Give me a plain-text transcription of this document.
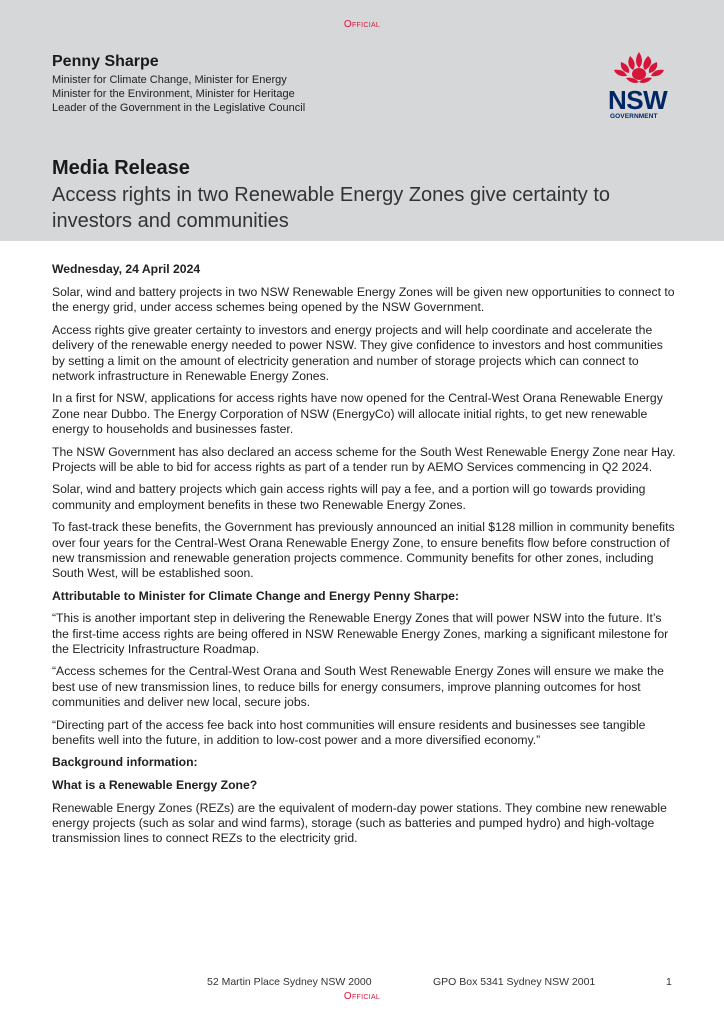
Official
Penny Sharpe
Minister for Climate Change, Minister for Energy
Minister for the Environment, Minister for Heritage
Leader of the Government in the Legislative Council	NSW
GOVERNMENT
Media Release
Access rights in two Renewable Energy Zones give certainty to investors and communities

Wednesday, 24 April 2024

Solar, wind and battery projects in two NSW Renewable Energy Zones will be given new opportunities to connect to the energy grid, under access schemes being opened by the NSW Government.

Access rights give greater certainty to investors and energy projects and will help coordinate and accelerate the delivery of the renewable energy needed to power NSW. They give confidence to investors and host communities by setting a limit on the amount of electricity generation and number of storage projects which can connect to network infrastructure in Renewable Energy Zones.

In a first for NSW, applications for access rights have now opened for the Central-West Orana Renewable Energy Zone near Dubbo. The Energy Corporation of NSW (EnergyCo) will allocate initial rights, to get new renewable energy to households and businesses faster.

The NSW Government has also declared an access scheme for the South West Renewable Energy Zone near Hay. Projects will be able to bid for access rights as part of a tender run by AEMO Services commencing in Q2 2024.

Solar, wind and battery projects which gain access rights will pay a fee, and a portion will go towards providing community and employment benefits in these two Renewable Energy Zones.

To fast-track these benefits, the Government has previously announced an initial $128 million in community benefits over four years for the Central-West Orana Renewable Energy Zone, to ensure benefits flow before construction of new transmission and renewable generation projects commence. Community benefits for other zones, including South West, will be established soon.

Attributable to Minister for Climate Change and Energy Penny Sharpe:

“This is another important step in delivering the Renewable Energy Zones that will power NSW into the future. It’s the first-time access rights are being offered in NSW Renewable Energy Zones, marking a significant milestone for the Electricity Infrastructure Roadmap.

“Access schemes for the Central-West Orana and South West Renewable Energy Zones will ensure we make the best use of new transmission lines, to reduce bills for energy consumers, improve planning outcomes for host communities and deliver new local, secure jobs.

“Directing part of the access fee back into host communities will ensure residents and businesses see tangible benefits well into the future, in addition to low-cost power and a more diversified economy.”

Background information:

What is a Renewable Energy Zone?

Renewable Energy Zones (REZs) are the equivalent of modern-day power stations. They combine new renewable energy projects (such as solar and wind farms), storage (such as batteries and pumped hydro) and high-voltage transmission lines to connect REZs to the electricity grid.

52 Martin Place Sydney NSW 2000	GPO Box 5341 Sydney NSW 2001	1
Official
